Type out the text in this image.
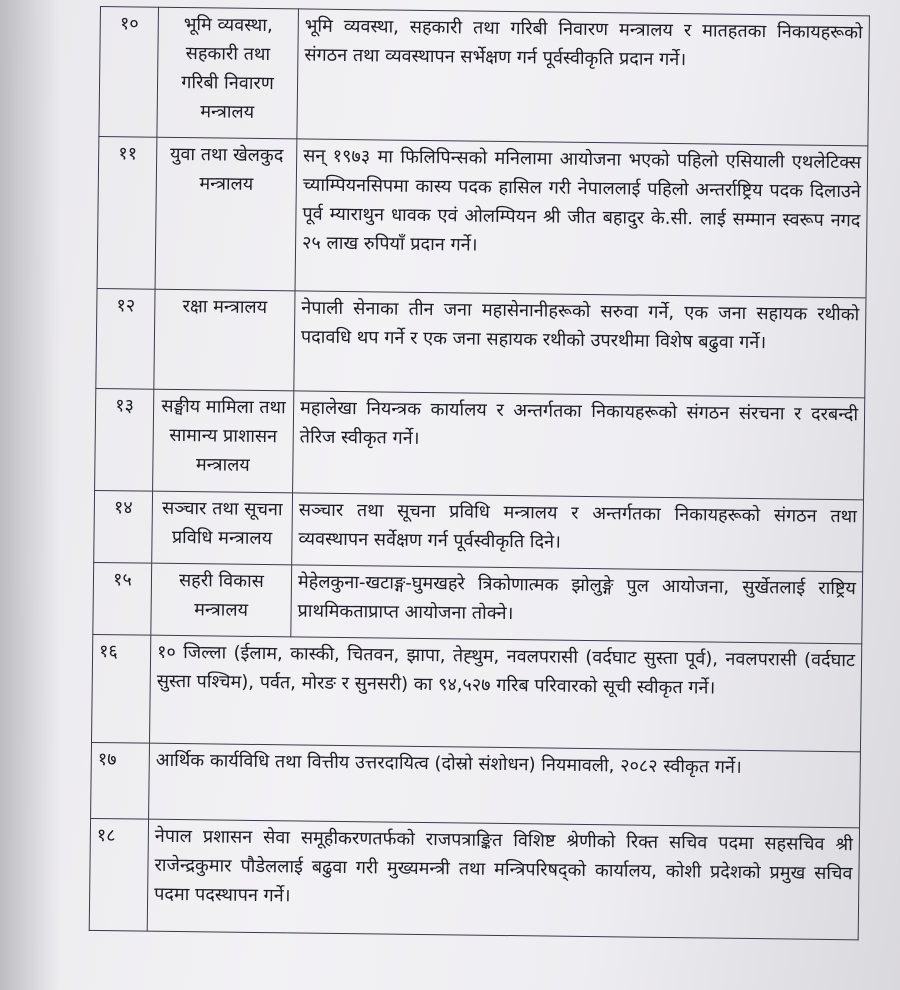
१०	भूमि व्यवस्था, सहकारी तथा गरिबी निवारण मन्त्रालय	भूमि व्यवस्था, सहकारी तथा गरिबी निवारण मन्त्रालय र मातहतका निकायहरूको संगठन तथा व्यवस्थापन सर्भेक्षण गर्न पूर्वस्वीकृति प्रदान गर्ने।
११	युवा तथा खेलकुद मन्त्रालय	सन् १९७३ मा फिलिपिन्सको मनिलामा आयोजना भएको पहिलो एसियाली एथलेटिक्स च्याम्पियनसिपमा कास्य पदक हासिल गरी नेपाललाई पहिलो अन्तर्राष्ट्रिय पदक दिलाउने पूर्व म्याराथुन धावक एवं ओलम्पियन श्री जीत बहादुर के.सी. लाई सम्मान स्वरूप नगद २५ लाख रुपियाँ प्रदान गर्ने।
१२	रक्षा मन्त्रालय	नेपाली सेनाका तीन जना महासेनानीहरूको सरुवा गर्ने, एक जना सहायक रथीको पदावधि थप गर्ने र एक जना सहायक रथीको उपरथीमा विशेष बढुवा गर्ने।
१३	सङ्घीय मामिला तथा सामान्य प्राशासन मन्त्रालय	महालेखा नियन्त्रक कार्यालय र अन्तर्गतका निकायहरूको संगठन संरचना र दरबन्दी तेरिज स्वीकृत गर्ने।
१४	सञ्चार तथा सूचना प्रविधि मन्त्रालय	सञ्चार तथा सूचना प्रविधि मन्त्रालय र अन्तर्गतका निकायहरूको संगठन तथा व्यवस्थापन सर्वेक्षण गर्न पूर्वस्वीकृति दिने।
१५	सहरी विकास मन्त्रालय	मेहेलकुना-खटाङ्ग-घुमखहरे त्रिकोणात्मक झोलुङ्गे पुल आयोजना, सुर्खेतलाई राष्ट्रिय प्राथमिकताप्राप्त आयोजना तोक्ने।
१६	१० जिल्ला (ईलाम, कास्की, चितवन, झापा, तेह्थुम, नवलपरासी (वर्दघाट सुस्ता पूर्व), नवलपरासी (वर्दघाट सुस्ता पश्चिम), पर्वत, मोरङ र सुनसरी) का ९४,५२७ गरिब परिवारको सूची स्वीकृत गर्ने।	
१७	आर्थिक कार्यविधि तथा वित्तीय उत्तरदायित्व (दोस्रो संशोधन) नियमावली, २०८२ स्वीकृत गर्ने।	
१८	नेपाल प्रशासन सेवा समूहीकरणतर्फको राजपत्राङ्कित विशिष्ट श्रेणीको रिक्त सचिव पदमा सहसचिव श्री राजेन्द्रकुमार पौडेललाई बढुवा गरी मुख्यमन्त्री तथा मन्त्रिपरिषद्को कार्यालय, कोशी प्रदेशको प्रमुख सचिव पदमा पदस्थापन गर्ने।	
